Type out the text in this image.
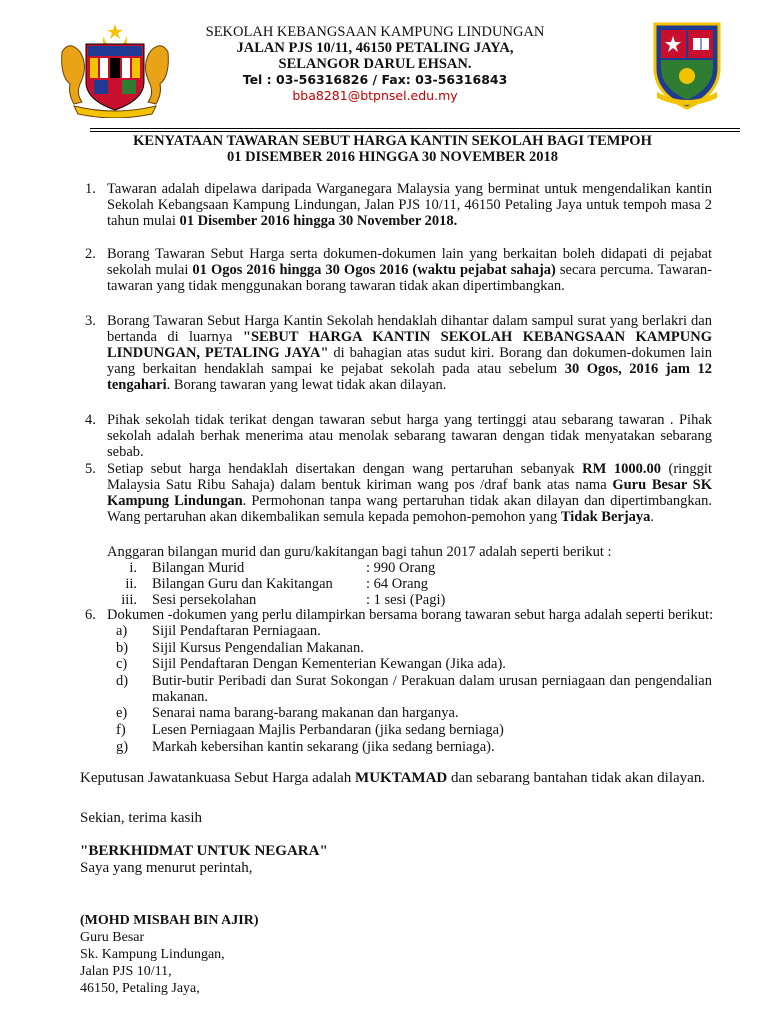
SEKOLAH KEBANGSAAN KAMPUNG LINDUNGAN
JALAN PJS 10/11, 46150 PETALING JAYA,
SELANGOR DARUL EHSAN.
Tel : 03-56316826 / Fax: 03-56316843
bba8281@btpnsel.edu.my
KENYATAAN TAWARAN SEBUT HARGA KANTIN SEKOLAH BAGI TEMPOH
01 DISEMBER 2016 HINGGA 30 NOVEMBER 2018
1. Tawaran adalah dipelawa daripada Warganegara Malaysia yang berminat untuk mengendalikan kantin Sekolah Kebangsaan Kampung Lindungan, Jalan PJS 10/11, 46150 Petaling Jaya untuk tempoh masa 2 tahun mulai 01 Disember 2016 hingga 30 November 2018.
2. Borang Tawaran Sebut Harga serta dokumen-dokumen lain yang berkaitan boleh didapati di pejabat sekolah mulai 01 Ogos 2016 hingga 30 Ogos 2016 (waktu pejabat sahaja) secara percuma. Tawaran-tawaran yang tidak menggunakan borang tawaran tidak akan dipertimbangkan.
3. Borang Tawaran Sebut Harga Kantin Sekolah hendaklah dihantar dalam sampul surat yang berlakri dan bertanda di luarnya "SEBUT HARGA KANTIN SEKOLAH KEBANGSAAN KAMPUNG LINDUNGAN, PETALING JAYA" di bahagian atas sudut kiri. Borang dan dokumen-dokumen lain yang berkaitan hendaklah sampai ke pejabat sekolah pada atau sebelum 30 Ogos, 2016 jam 12 tengahari. Borang tawaran yang lewat tidak akan dilayan.
4. Pihak sekolah tidak terikat dengan tawaran sebut harga yang tertinggi atau sebarang tawaran . Pihak sekolah adalah berhak menerima atau menolak sebarang tawaran dengan tidak menyatakan sebarang sebab.
5. Setiap sebut harga hendaklah disertakan dengan wang pertaruhan sebanyak RM 1000.00 (ringgit Malaysia Satu Ribu Sahaja) dalam bentuk kiriman wang pos /draf bank atas nama Guru Besar SK Kampung Lindungan. Permohonan tanpa wang pertaruhan tidak akan dilayan dan dipertimbangkan. Wang pertaruhan akan dikembalikan semula kepada pemohon-pemohon yang Tidak Berjaya.
Anggaran bilangan murid dan guru/kakitangan bagi tahun 2017 adalah seperti berikut :
i. Bilangan Murid	: 990 Orang
ii. Bilangan Guru dan Kakitangan : 64 Orang
iii. Sesi persekolahan	: 1 sesi (Pagi)
6. Dokumen -dokumen yang perlu dilampirkan bersama borang tawaran sebut harga adalah seperti berikut:
a) Sijil Pendaftaran Perniagaan.
b) Sijil Kursus Pengendalian Makanan.
c) Sijil Pendaftaran Dengan Kementerian Kewangan (Jika ada).
d) Butir-butir Peribadi dan Surat Sokongan / Perakuan dalam urusan perniagaan dan pengendalian makanan.
e) Senarai nama barang-barang makanan dan harganya.
f) Lesen Perniagaan Majlis Perbandaran (jika sedang berniaga)
g) Markah kebersihan kantin sekarang (jika sedang berniaga).
Keputusan Jawatankuasa Sebut Harga adalah MUKTAMAD dan sebarang bantahan tidak akan dilayan.
Sekian, terima kasih
"BERKHIDMAT UNTUK NEGARA"
Saya yang menurut perintah,
(MOHD MISBAH BIN AJIR)
Guru Besar
Sk. Kampung Lindungan,
Jalan PJS 10/11,
46150, Petaling Jaya,
